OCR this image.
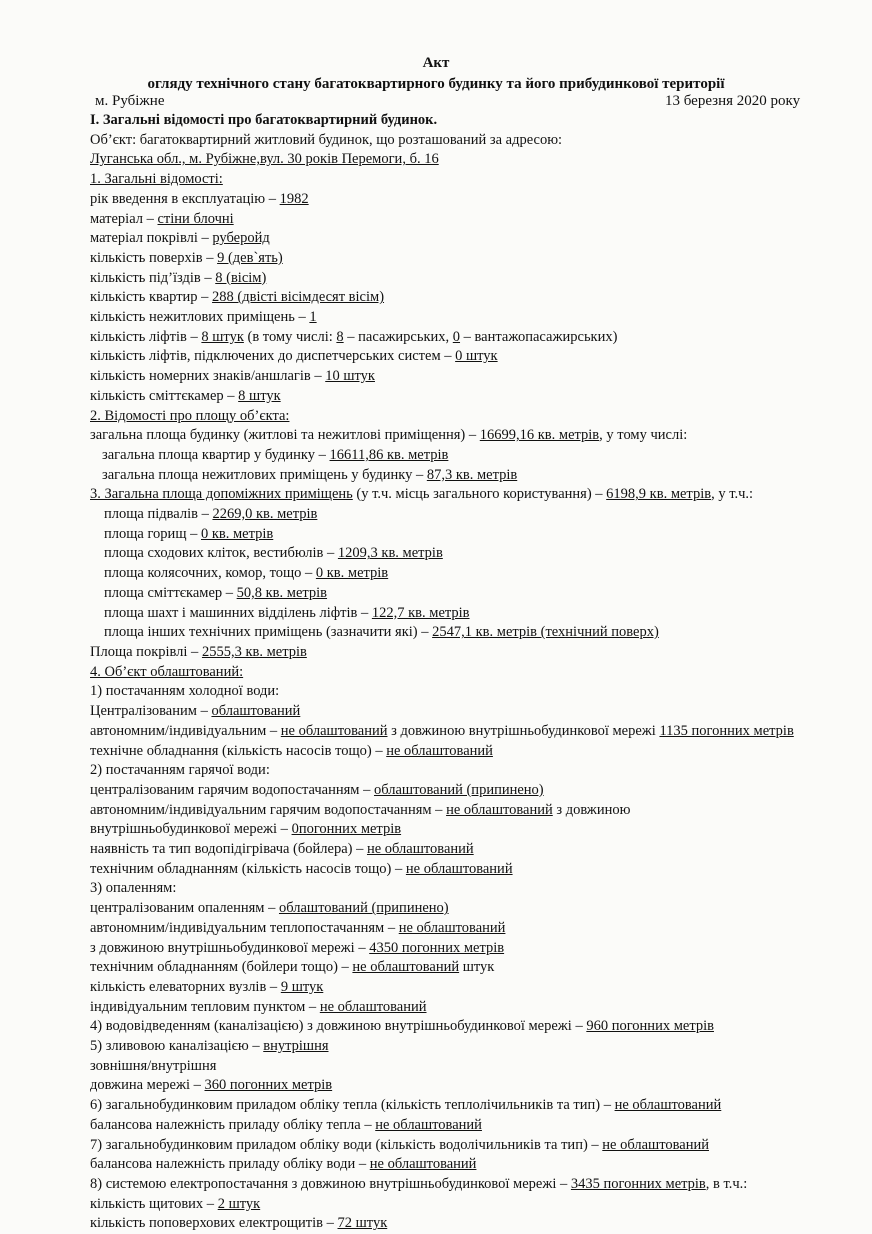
Акт
огляду технічного стану багатоквартирного будинку та його прибудинкової території
м. Рубіжне	13 березня 2020 року
I. Загальні відомості про багатоквартирний будинок.
Об’єкт: багатоквартирний житловий будинок, що розташований за адресою:
Луганська обл., м. Рубіжне,вул. 30 років Перемоги, б. 16
1. Загальні відомості:
рік введення в експлуатацію – 1982
матеріал – стіни блочні
матеріал покрівлі – руберойд
кількість поверхів – 9 (дев`ять)
кількість під’їздів – 8 (вісім)
кількість квартир – 288 (двісті вісімдесят вісім)
кількість нежитлових приміщень – 1
кількість ліфтів – 8 штук (в тому числі: 8 – пасажирських, 0 – вантажопасажирських)
кількість ліфтів, підключених до диспетчерських систем – 0 штук
кількість номерних знаків/аншлагів – 10 штук
кількість сміттєкамер – 8 штук
2. Відомості про площу об’єкта:
загальна площа будинку (житлові та нежитлові приміщення) – 16699,16 кв. метрів, у тому числі:
загальна площа квартир у будинку – 16611,86 кв. метрів
загальна площа нежитлових приміщень у будинку – 87,3 кв. метрів
3. Загальна площа допоміжних приміщень (у т.ч. місць загального користування) – 6198,9 кв. метрів, у т.ч.:
площа підвалів – 2269,0 кв. метрів
площа горищ – 0 кв. метрів
площа сходових кліток, вестибюлів – 1209,3 кв. метрів
площа колясочних, комор, тощо – 0 кв. метрів
площа сміттєкамер – 50,8 кв. метрів
площа шахт і машинних відділень ліфтів – 122,7 кв. метрів
площа інших технічних приміщень (зазначити які) – 2547,1 кв. метрів (технічний поверх)
Площа покрівлі – 2555,3 кв. метрів
4. Об’єкт облаштований:
1) постачанням холодної води:
Централізованим – облаштований
автономним/індивідуальним – не облаштований з довжиною внутрішньобудинкової мережі 1135 погонних метрів
технічне обладнання (кількість насосів тощо) – не облаштований
2) постачанням гарячої води:
централізованим гарячим водопостачанням – облаштований (припинено)
автономним/індивідуальним гарячим водопостачанням – не облаштований з довжиною
внутрішньобудинкової мережі – 0погонних метрів
наявність та тип водопідігрівача (бойлера) – не облаштований
технічним обладнанням (кількість насосів тощо) – не облаштований
3) опаленням:
централізованим опаленням – облаштований (припинено)
автономним/індивідуальним теплопостачанням – не облаштований
з довжиною внутрішньобудинкової мережі – 4350 погонних метрів
технічним обладнанням (бойлери тощо) – не облаштований штук
кількість елеваторних вузлів – 9 штук
індивідуальним тепловим пунктом – не облаштований
4) водовідведенням (каналізацією) з довжиною внутрішньобудинкової мережі – 960 погонних метрів
5) зливовою каналізацією – внутрішня
зовнішня/внутрішня
довжина мережі – 360 погонних метрів
6) загальнобудинковим приладом обліку тепла (кількість теплолічильників та тип) – не облаштований
балансова належність приладу обліку тепла – не облаштований
7) загальнобудинковим приладом обліку води (кількість водолічильників та тип) – не облаштований
балансова належність приладу обліку води – не облаштований
8) системою електропостачання з довжиною внутрішньобудинкової мережі – 3435 погонних метрів, в т.ч.:
кількість щитових – 2 штук
кількість поповерхових електрощитів – 72 штук
